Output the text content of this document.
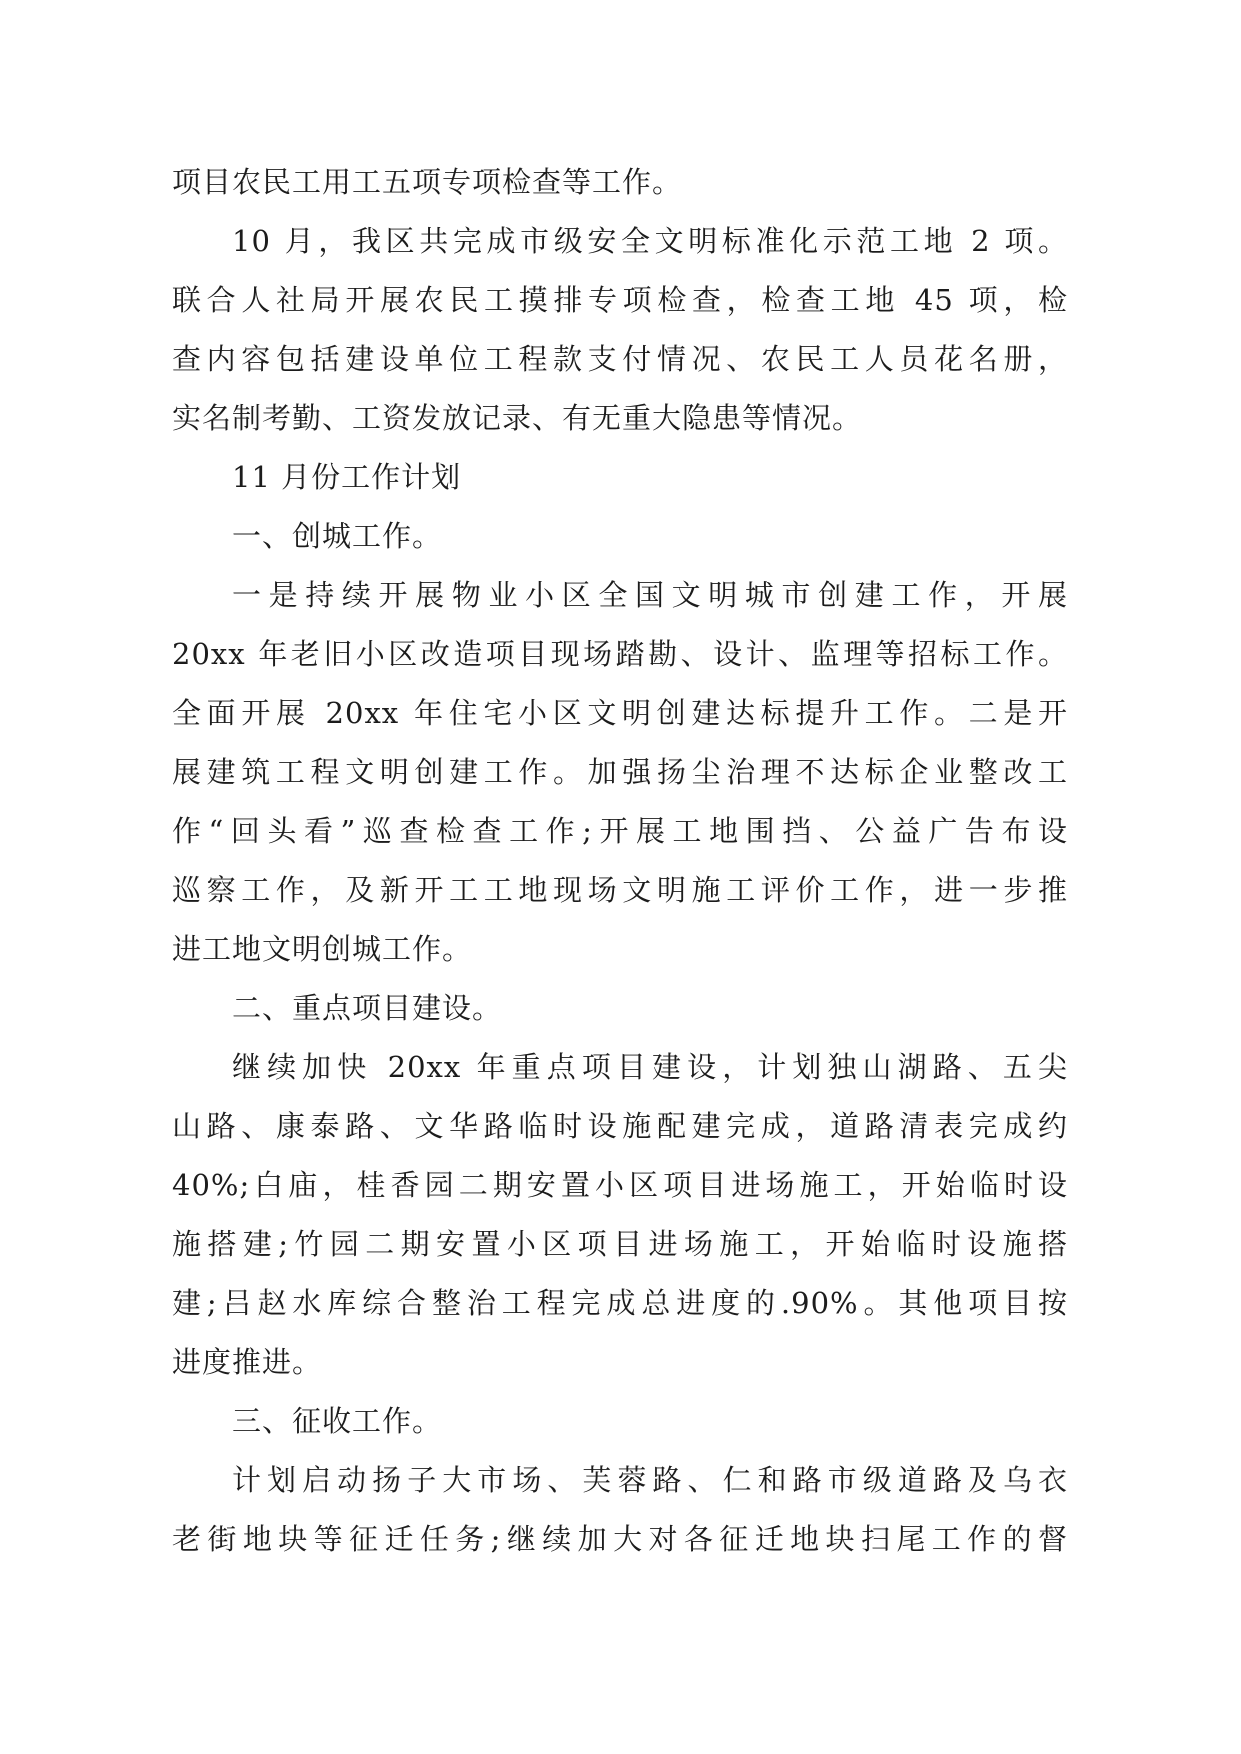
项目农民工用工五项专项检查等工作。
10 月，我区共完成市级安全文明标准化示范工地 2 项。
联合人社局开展农民工摸排专项检查，检查工地 45 项，检
查内容包括建设单位工程款支付情况、农民工人员花名册，
实名制考勤、工资发放记录、有无重大隐患等情况。
11 月份工作计划
一、创城工作。
一是持续开展物业小区全国文明城市创建工作，开展
20xx 年老旧小区改造项目现场踏勘、设计、监理等招标工作。
全面开展 20xx 年住宅小区文明创建达标提升工作。二是开
展建筑工程文明创建工作。加强扬尘治理不达标企业整改工
作“回头看”巡查检查工作;开展工地围挡、公益广告布设
巡察工作，及新开工工地现场文明施工评价工作，进一步推
进工地文明创城工作。
二、重点项目建设。
继续加快 20xx 年重点项目建设，计划独山湖路、五尖
山路、康泰路、文华路临时设施配建完成，道路清表完成约
40%;白庙，桂香园二期安置小区项目进场施工，开始临时设
施搭建;竹园二期安置小区项目进场施工，开始临时设施搭
建;吕赵水库综合整治工程完成总进度的.90%。其他项目按
进度推进。
三、征收工作。
计划启动扬子大市场、芙蓉路、仁和路市级道路及乌衣
老街地块等征迁任务;继续加大对各征迁地块扫尾工作的督
